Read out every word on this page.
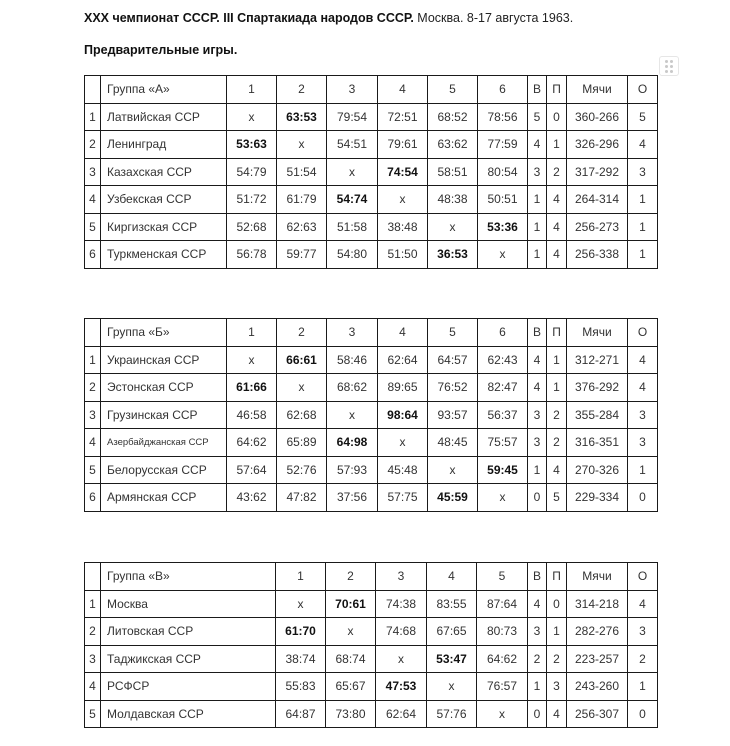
XXX чемпионат СССР. III Спартакиада народов СССР. Москва. 8-17 августа 1963.
Предварительные игры.
	Группа «А»	1	2	3	4	5	6	В	П	Мячи	О
1	Латвийская ССР	x	63:53	79:54	72:51	68:52	78:56	5	0	360-266	5
2	Ленинград	53:63	x	54:51	79:61	63:62	77:59	4	1	326-296	4
3	Казахская ССР	54:79	51:54	x	74:54	58:51	80:54	3	2	317-292	3
4	Узбекская ССР	51:72	61:79	54:74	x	48:38	50:51	1	4	264-314	1
5	Киргизская ССР	52:68	62:63	51:58	38:48	x	53:36	1	4	256-273	1
6	Туркменская ССР	56:78	59:77	54:80	51:50	36:53	x	1	4	256-338	1
	Группа «Б»	1	2	3	4	5	6	В	П	Мячи	О
1	Украинская ССР	x	66:61	58:46	62:64	64:57	62:43	4	1	312-271	4
2	Эстонская ССР	61:66	x	68:62	89:65	76:52	82:47	4	1	376-292	4
3	Грузинская ССР	46:58	62:68	x	98:64	93:57	56:37	3	2	355-284	3
4	Азербайджанская ССР	64:62	65:89	64:98	x	48:45	75:57	3	2	316-351	3
5	Белорусская ССР	57:64	52:76	57:93	45:48	x	59:45	1	4	270-326	1
6	Армянская ССР	43:62	47:82	37:56	57:75	45:59	x	0	5	229-334	0
	Группа «В»	1	2	3	4	5	В	П	Мячи	О
1	Москва	x	70:61	74:38	83:55	87:64	4	0	314-218	4
2	Литовская ССР	61:70	x	74:68	67:65	80:73	3	1	282-276	3
3	Таджикская ССР	38:74	68:74	x	53:47	64:62	2	2	223-257	2
4	РСФСР	55:83	65:67	47:53	x	76:57	1	3	243-260	1
5	Молдавская ССР	64:87	73:80	62:64	57:76	x	0	4	256-307	0
